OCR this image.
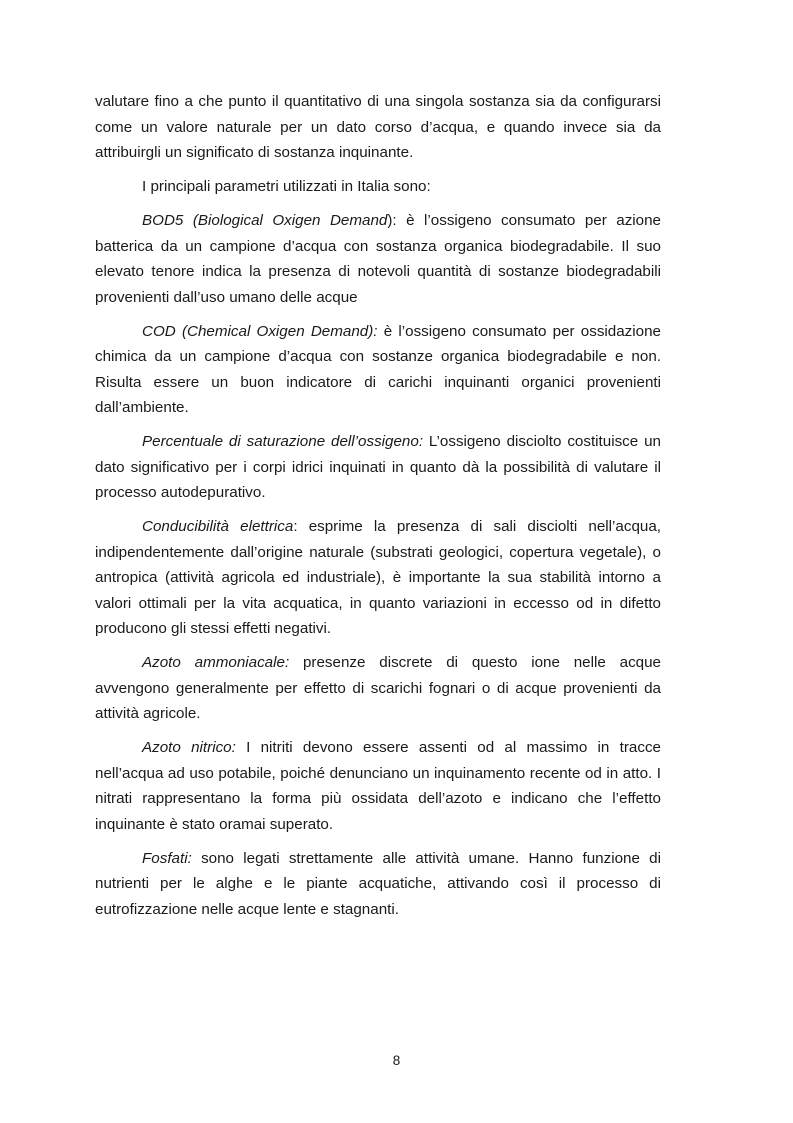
valutare fino a che punto il quantitativo di una singola sostanza sia da configurarsi come un valore naturale per un dato corso d’acqua, e quando invece sia da attribuirgli un significato di sostanza inquinante.

I principali parametri utilizzati in Italia sono:

BOD5 (Biological Oxigen Demand): è l’ossigeno consumato per azione batterica da un campione d’acqua con sostanza organica biodegradabile. Il suo elevato tenore indica la presenza di notevoli quantità di sostanze biodegradabili provenienti dall’uso umano delle acque

COD (Chemical Oxigen Demand): è l’ossigeno consumato per ossidazione chimica da un campione d’acqua con sostanze organica biodegradabile e non. Risulta essere un buon indicatore di carichi inquinanti organici provenienti dall’ambiente.

Percentuale di saturazione dell’ossigeno: L’ossigeno disciolto costituisce un dato significativo per i corpi idrici inquinati in quanto dà la possibilità di valutare il processo autodepurativo.

Conducibilità elettrica: esprime la presenza di sali disciolti nell’acqua, indipendentemente dall’origine naturale (substrati geologici, copertura vegetale), o antropica (attività agricola ed industriale), è importante la sua stabilità intorno a valori ottimali per la vita acquatica, in quanto variazioni in eccesso od in difetto producono gli stessi effetti negativi.

Azoto ammoniacale: presenze discrete di questo ione nelle acque avvengono generalmente per effetto di scarichi fognari o di acque provenienti da attività agricole.

Azoto nitrico: I nitriti devono essere assenti od al massimo in tracce nell’acqua ad uso potabile, poiché denunciano un inquinamento recente od in atto. I nitrati rappresentano la forma più ossidata dell’azoto e indicano che l’effetto inquinante è stato oramai superato.

Fosfati: sono legati strettamente alle attività umane. Hanno funzione di nutrienti per le alghe e le piante acquatiche, attivando così il processo di eutrofizzazione nelle acque lente e stagnanti.

8
